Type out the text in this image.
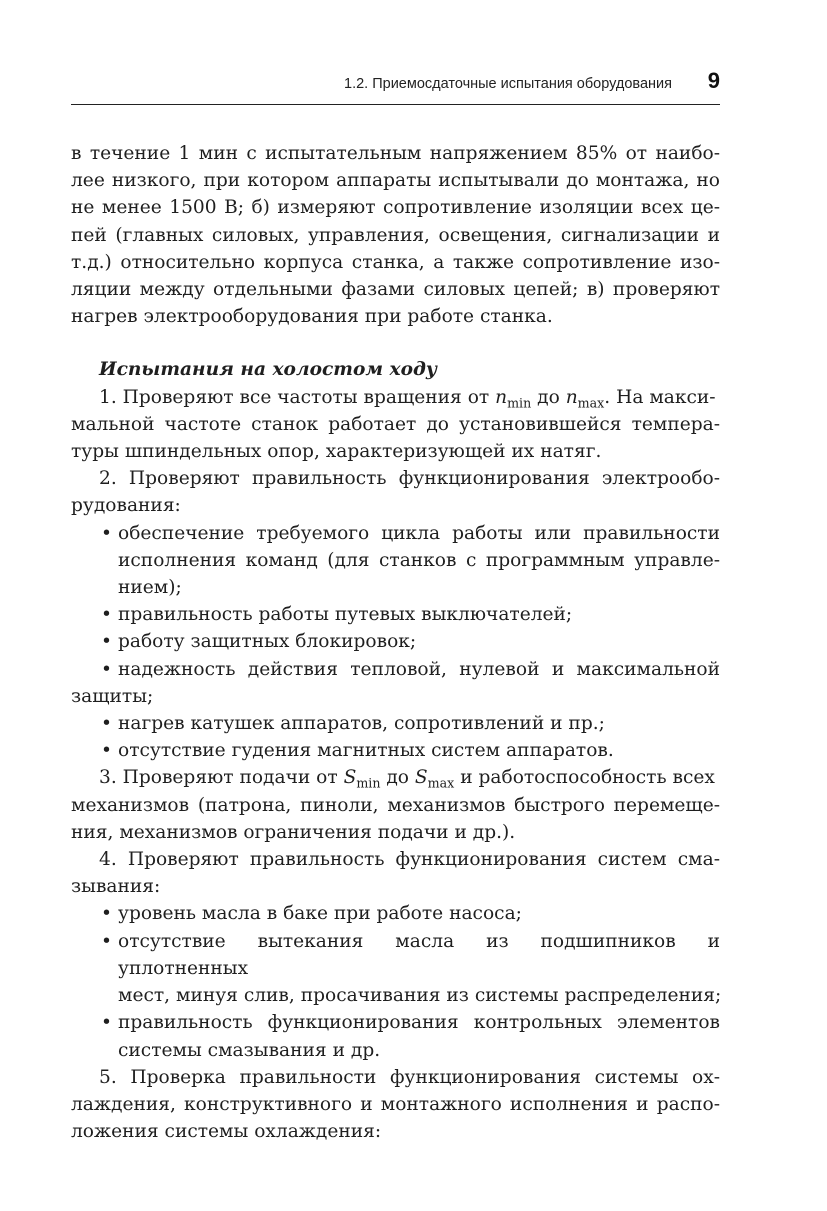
1.2. Приемосдаточные испытания оборудования 9
в течение 1 мин с испытательным напряжением 85% от наибо-
лее низкого, при котором аппараты испытывали до монтажа, но
не менее 1500 В; б) измеряют сопротивление изоляции всех це-
пей (главных силовых, управления, освещения, сигнализации и
т.д.) относительно корпуса станка, а также сопротивление изо-
ляции между отдельными фазами силовых цепей; в) проверяют
нагрев электрооборудования при работе станка.
Испытания на холостом ходу
1. Проверяют все частоты вращения от $n_{min}$ до $n_{max}$. На макси-
мальной частоте станок работает до установившейся темпера-
туры шпиндельных опор, характеризующей их натяг.
2. Проверяют правильность функционирования электрообо-
рудования:
• обеспечение требуемого цикла работы или правильности
исполнения команд (для станков с программным управле-
нием);
• правильность работы путевых выключателей;
• работу защитных блокировок;
• надежность действия тепловой, нулевой и максимальной
защиты;
• нагрев катушек аппаратов, сопротивлений и пр.;
• отсутствие гудения магнитных систем аппаратов.
3. Проверяют подачи от $S_{min}$ до $S_{max}$ и работоспособность всех
механизмов (патрона, пиноли, механизмов быстрого перемеще-
ния, механизмов ограничения подачи и др.).
4. Проверяют правильность функционирования систем сма-
зывания:
• уровень масла в баке при работе насоса;
• отсутствие вытекания масла из подшипников и уплотненных
мест, минуя слив, просачивания из системы распределения;
• правильность функционирования контрольных элементов
системы смазывания и др.
5. Проверка правильности функционирования системы ох-
лаждения, конструктивного и монтажного исполнения и распо-
ложения системы охлаждения:
